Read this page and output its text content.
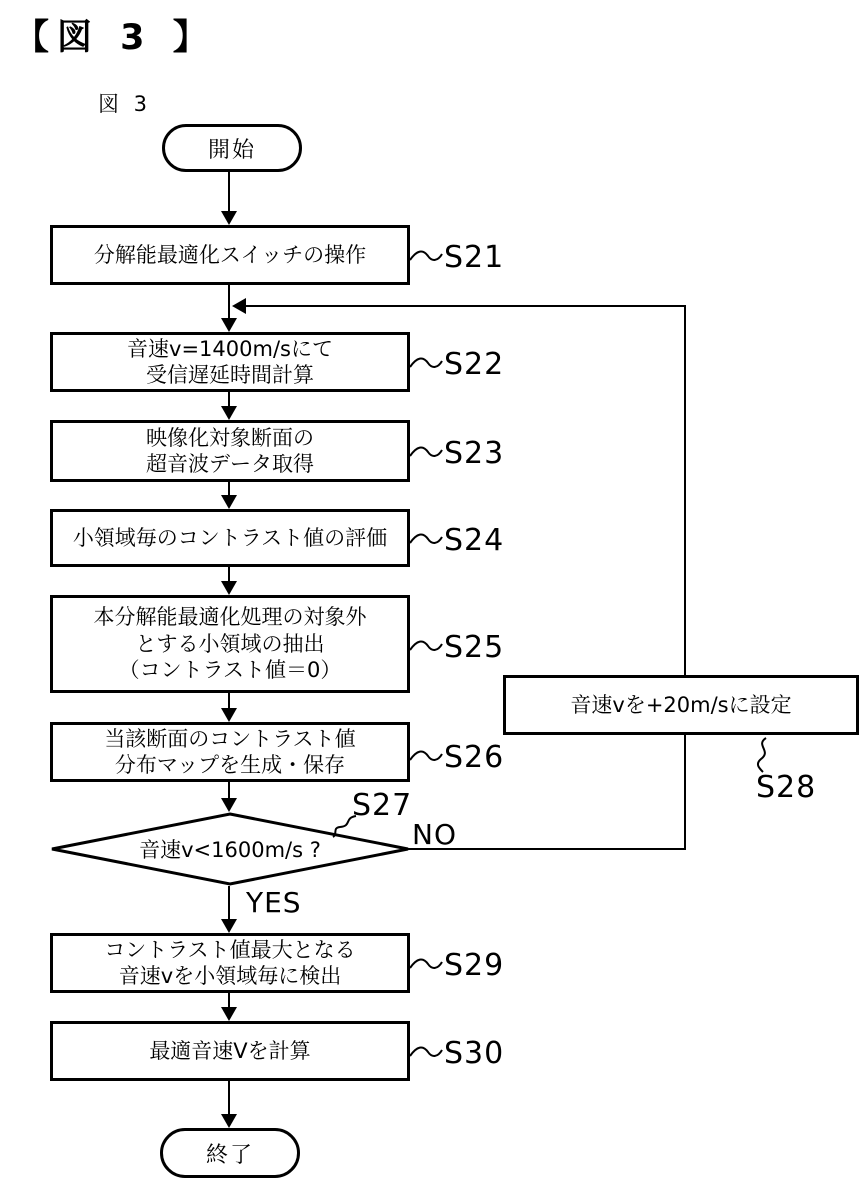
【図 3 】
図 3
開始
分解能最適化スイッチの操作	S21
音速v=1400m/sにて
受信遅延時間計算	S22
映像化対象断面の
超音波データ取得	S23
小領域毎のコントラスト値の評価 S24
本分解能最適化処理の対象外
とする小領域の抽出
（コントラスト値＝0）
S25
当該断面のコントラスト値
分布マップを生成・保存	S26
音速v<1600m/s ?
S27
NO
YES
音速vを+20m/sに設定
S28
コントラスト値最大となる
音速vを小領域毎に検出	S29
最適音速Vを計算	S30
終了
